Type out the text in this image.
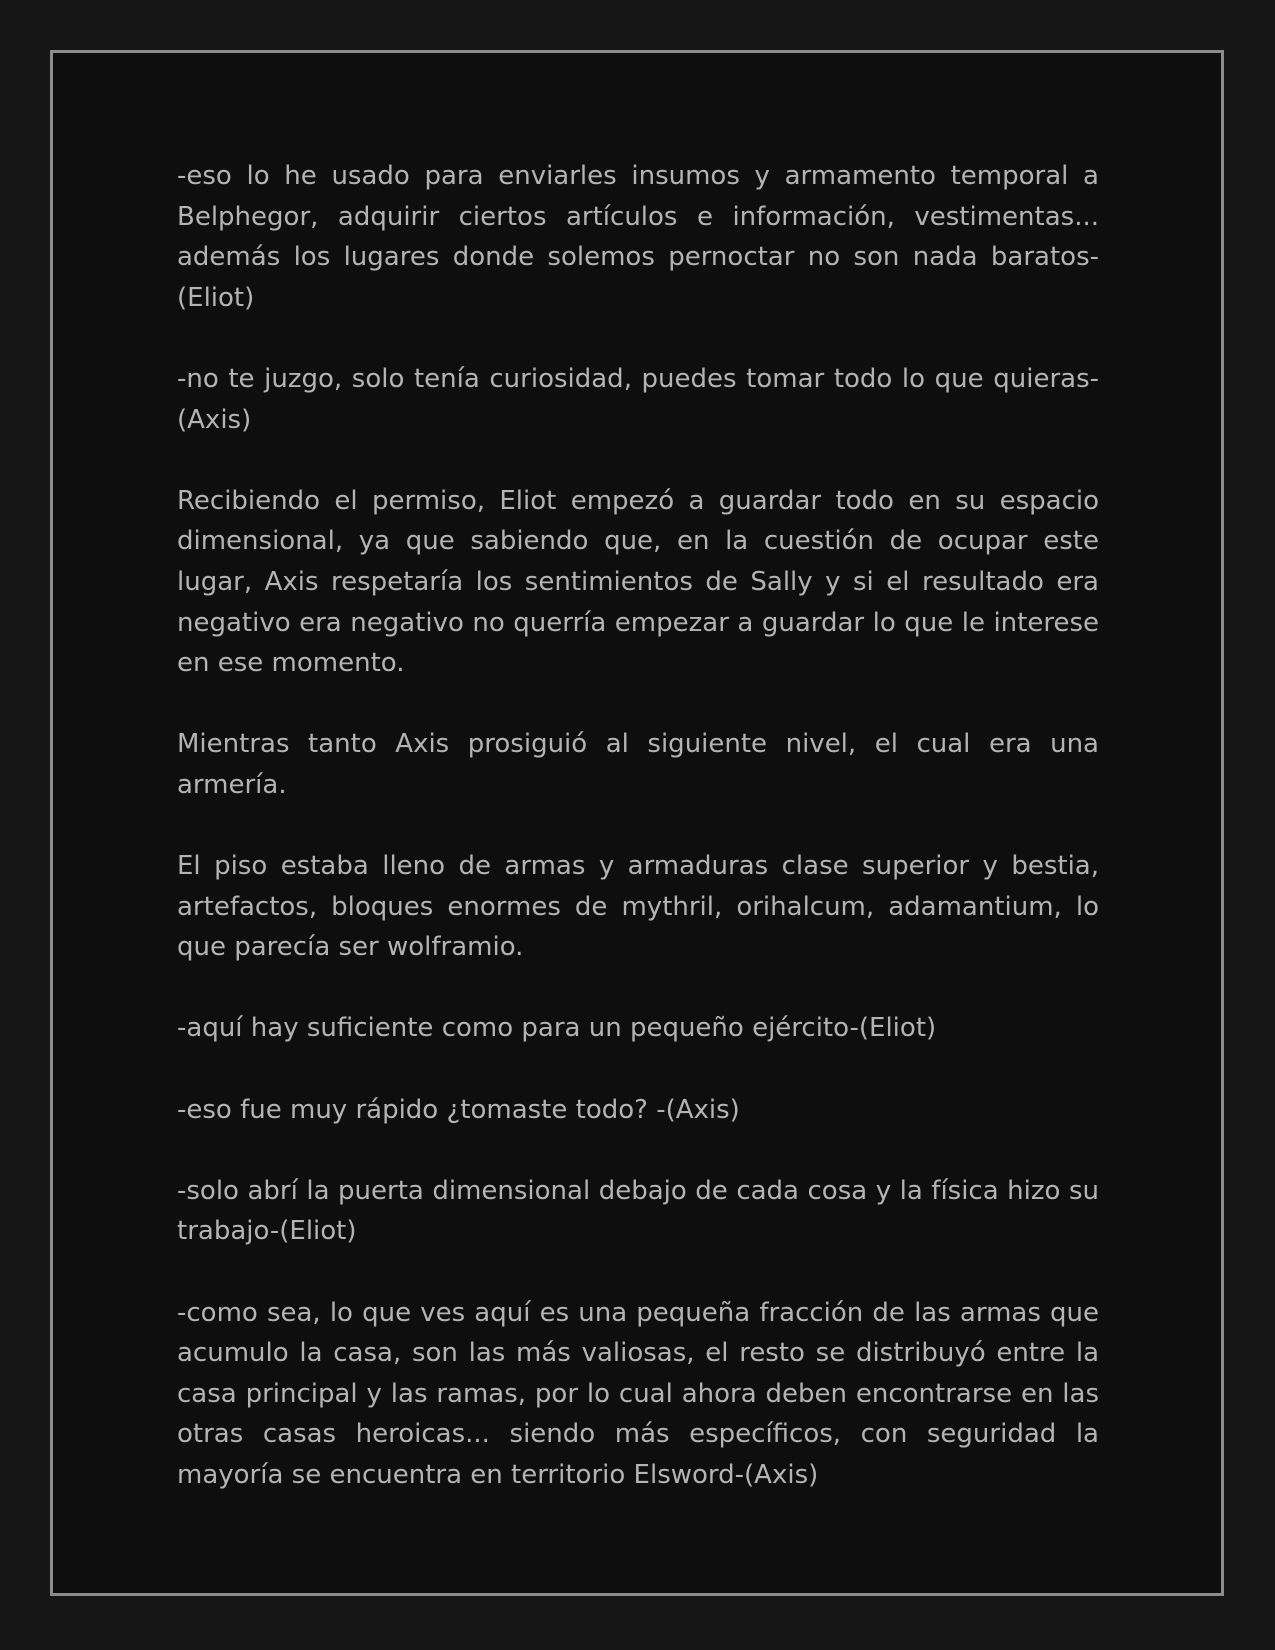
-eso lo he usado para enviarles insumos y armamento temporal a Belphegor, adquirir ciertos artículos e información, vestimentas... además los lugares donde solemos pernoctar no son nada baratos-(Eliot)

-no te juzgo, solo tenía curiosidad, puedes tomar todo lo que quieras-(Axis)

Recibiendo el permiso, Eliot empezó a guardar todo en su espacio dimensional, ya que sabiendo que, en la cuestión de ocupar este lugar, Axis respetaría los sentimientos de Sally y si el resultado era negativo era negativo no querría empezar a guardar lo que le interese en ese momento.

Mientras tanto Axis prosiguió al siguiente nivel, el cual era una armería.

El piso estaba lleno de armas y armaduras clase superior y bestia, artefactos, bloques enormes de mythril, orihalcum, adamantium, lo que parecía ser wolframio.

-aquí hay suficiente como para un pequeño ejército-(Eliot)

-eso fue muy rápido ¿tomaste todo? -(Axis)

-solo abrí la puerta dimensional debajo de cada cosa y la física hizo su trabajo-(Eliot)

-como sea, lo que ves aquí es una pequeña fracción de las armas que acumulo la casa, son las más valiosas, el resto se distribuyó entre la casa principal y las ramas, por lo cual ahora deben encontrarse en las otras casas heroicas... siendo más específicos, con seguridad la mayoría se encuentra en territorio Elsword-(Axis)
